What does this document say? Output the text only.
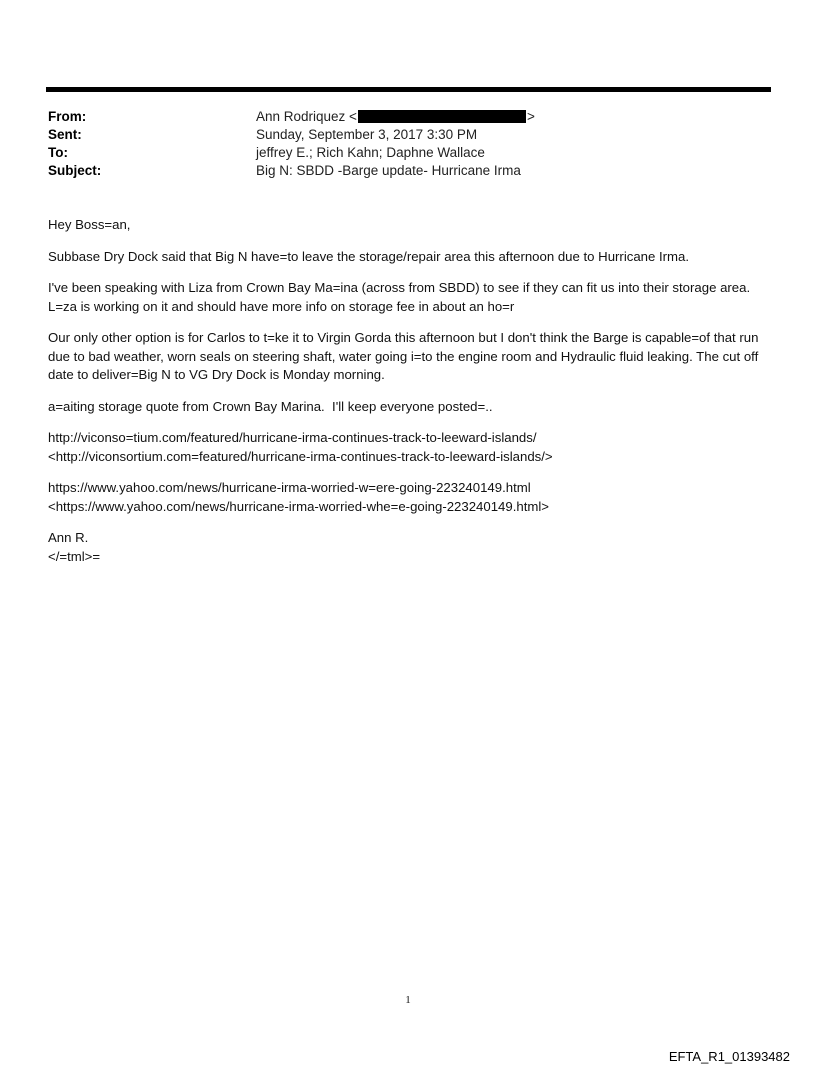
From:	Ann Rodriquez <	>
Sent:	Sunday, September 3, 2017 3:30 PM
To:	jeffrey E.; Rich Kahn; Daphne Wallace
Subject:	Big N: SBDD -Barge update- Hurricane Irma

Hey Boss=an,

Subbase Dry Dock said that Big N have=to leave the storage/repair area this afternoon due to Hurricane Irma.

I've been speaking with Liza from Crown Bay Ma=ina (across from SBDD) to see if they can fit us into their storage area. L=za is working on it and should have more info on storage fee in about an ho=r

Our only other option is for Carlos to t=ke it to Virgin Gorda this afternoon but I don't think the Barge is capable=of that run due to bad weather, worn seals on steering shaft, water going i=to the engine room and Hydraulic fluid leaking. The cut off date to deliver=Big N to VG Dry Dock is Monday morning.

a=aiting storage quote from Crown Bay Marina.  I'll keep everyone posted=..

http://viconso=tium.com/featured/hurricane-irma-continues-track-to-leeward-islands/
<http://viconsortium.com=featured/hurricane-irma-continues-track-to-leeward-islands/>

https://www.yahoo.com/news/hurricane-irma-worried-w=ere-going-223240149.html
<https://www.yahoo.com/news/hurricane-irma-worried-whe=e-going-223240149.html>

Ann R.
</=tml>=

1
EFTA_R1_01393482
